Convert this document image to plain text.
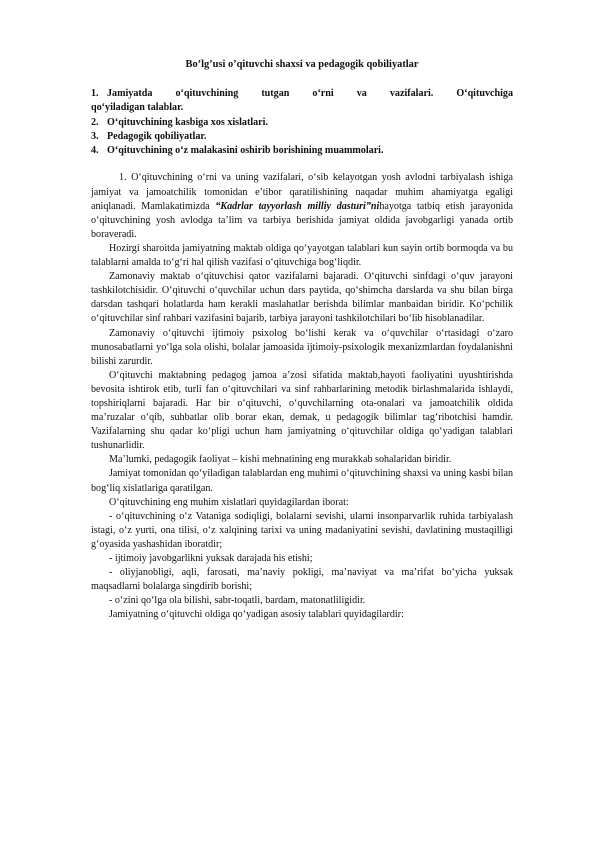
Bo’lg’usi o’qituvchi shaxsi va pedagogik qobiliyatlar
1. Jamiyatda o‘qituvchining tutgan o‘rni va vazifalari. O‘qituvchiga
qo‘yiladigan talablar.
2. O‘qituvchining kasbiga xos xislatlari.
3. Pedagogik qobiliyatlar.
4. O‘qituvchining o‘z malakasini oshirib borishining muammolari.

1. O‘qituvchining o‘rni va uning vazifalari, o‘sib kelayotgan yosh avlodni tarbiyalash ishiga jamiyat va jamoatchilik tomonidan e’tibor qaratilishining naqadar muhim ahamiyatga egaligi aniqlanadi. Mamlakatimizda “Kadrlar tayyorlash milliy dasturi”nihayotga tatbiq etish jarayonida o‘qituvchining yosh avlodga ta’lim va tarbiya berishida jamiyat oldida javobgarligi yanada ortib boraveradi.

Hozirgi sharoitda jamiyatning maktab oldiga qo‘yayotgan talablari kun sayin ortib bormoqda va bu talablarni amalda to‘g‘ri hal qilish vazifasi o‘qituvchiga bog‘liqdir.

Zamonaviy maktab o‘qituvchisi qator vazifalarni bajaradi. O‘qituvchi sinfdagi o‘quv jarayoni tashkilotchisidir. O‘qituvchi o‘quvchilar uchun dars paytida, qo‘shimcha darslarda va shu bilan birga darsdan tashqari holatlarda ham kerakli maslahatlar berishda bilimlar manbaidan biridir. Ko‘pchilik o‘qituvchilar sinf rahbari vazifasini bajarib, tarbiya jarayoni tashkilotchilari bo‘lib hisoblanadilar.

Zamonaviy o‘qituvchi ijtimoiy psixolog bo‘lishi kerak va o‘quvchilar o‘rtasidagi o‘zaro munosabatlarni yo‘lga sola olishi, bolalar jamoasida ijtimoiy-psixologik mexanizmlardan foydalanishni bilishi zarurdir.

O‘qituvchi maktabning pedagog jamoa a’zosi sifatida maktab,hayoti faoliyatini uyushtirishda bevosita ishtirok etib, turli fan o‘qituvchilari va sinf rahbarlarining metodik birlashmalarida ishlaydi, topshiriqlarni bajaradi. Har bir o‘qituvchi, o‘quvchilarning ota-onalari va jamoatchilik oldida ma’ruzalar o‘qib, suhbatlar olib borar ekan, demak, u pedagogik bilimlar tag‘ribotchisi hamdir. Vazifalarning shu qadar ko‘pligi uchun ham jamiyatning o‘qituvchilar oldiga qo‘yadigan talablari tushunarlidir.

Ma’lumki, pedagogik faoliyat – kishi mehnatining eng murakkab sohalaridan biridir.

Jamiyat tomonidan qo‘yiladigan talablardan eng muhimi o‘qituvchining shaxsi va uning kasbi bilan bog‘liq xislatlariga qaratilgan.

O‘qituvchining eng muhim xislatlari quyidagilardan iborat:

- o‘qituvchining o‘z Vataniga sodiqligi, bolalarni sevishi, ularni insonparvarlik ruhida tarbiyalash istagi, o‘z yurti, ona tilisi, o‘z xalqining tarixi va uning madaniyatini sevishi, davlatining mustaqilligi g‘oyasida yashashidan iboratdir;

- ijtimoiy javobgarlikni yuksak darajada his etishi;

- oliyjanobligi, aqli, farosati, ma’naviy pokligi, ma’naviyat va ma’rifat bo‘yicha yuksak maqsadlarni bolalarga singdirib borishi;

- o‘zini qo‘lga ola bilishi, sabr-toqatli, bardam, matonatliligidir.

Jamiyatning o‘qituvchi oldiga qo‘yadigan asosiy talablari quyidagilardir:
